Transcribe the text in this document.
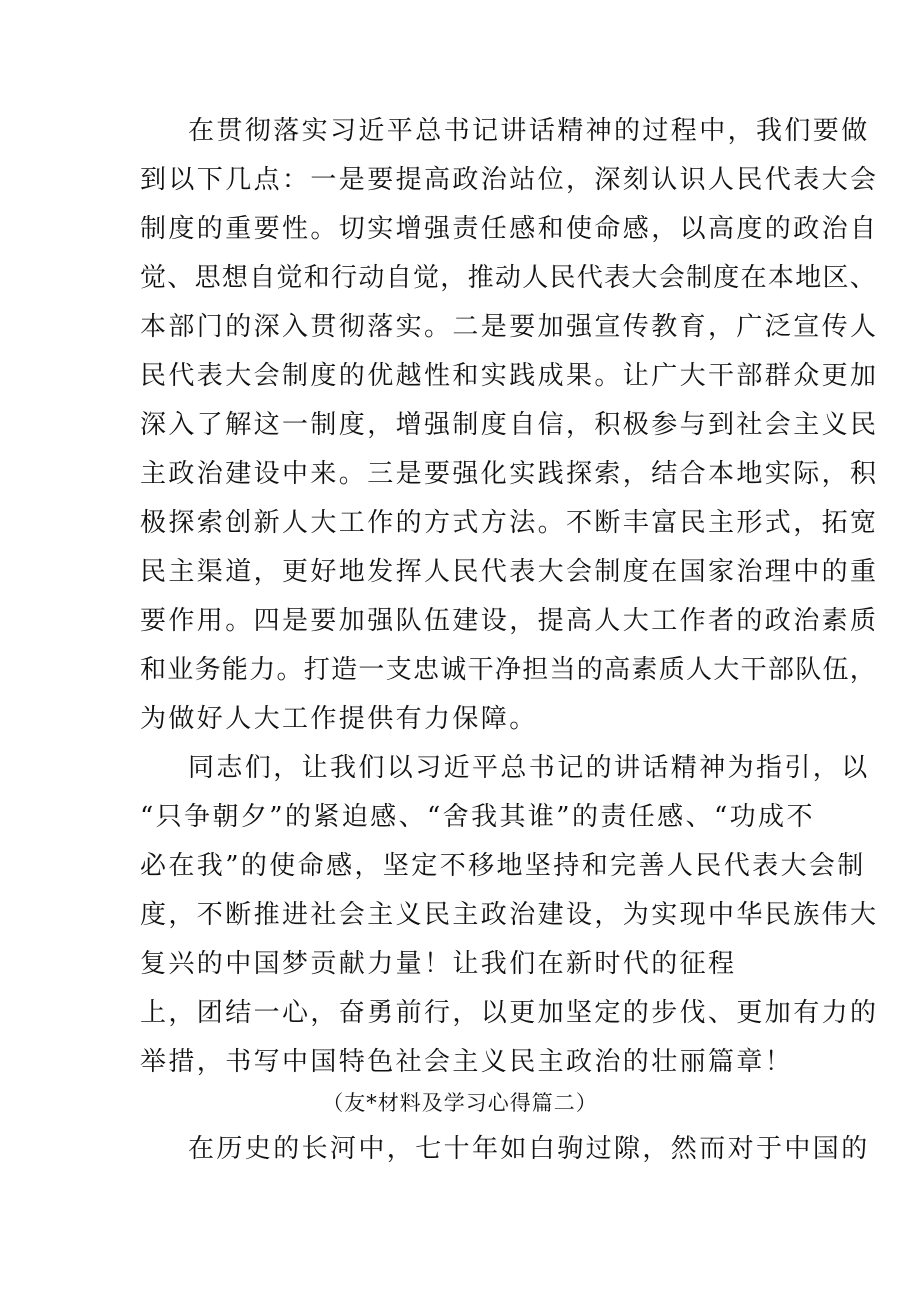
在贯彻落实习近平总书记讲话精神的过程中，我们要做
到以下几点：一是要提高政治站位，深刻认识人民代表大会
制度的重要性。切实增强责任感和使命感，以高度的政治自
觉、思想自觉和行动自觉，推动人民代表大会制度在本地区、
本部门的深入贯彻落实。二是要加强宣传教育，广泛宣传人
民代表大会制度的优越性和实践成果。让广大干部群众更加
深入了解这一制度，增强制度自信，积极参与到社会主义民
主政治建设中来。三是要强化实践探索，结合本地实际，积
极探索创新人大工作的方式方法。不断丰富民主形式，拓宽
民主渠道，更好地发挥人民代表大会制度在国家治理中的重
要作用。四是要加强队伍建设，提高人大工作者的政治素质
和业务能力。打造一支忠诚干净担当的高素质人大干部队伍，
为做好人大工作提供有力保障。
同志们，让我们以习近平总书记的讲话精神为指引，以
“只争朝夕”的紧迫感、“舍我其谁”的责任感、“功成不
必在我”的使命感，坚定不移地坚持和完善人民代表大会制
度，不断推进社会主义民主政治建设，为实现中华民族伟大
复兴的中国梦贡献力量！让我们在新时代的征程
上，团结一心，奋勇前行，以更加坚定的步伐、更加有力的
举措，书写中国特色社会主义民主政治的壮丽篇章！
（友*材料及学习心得篇二）
在历史的长河中，七十年如白驹过隙，然而对于中国的
